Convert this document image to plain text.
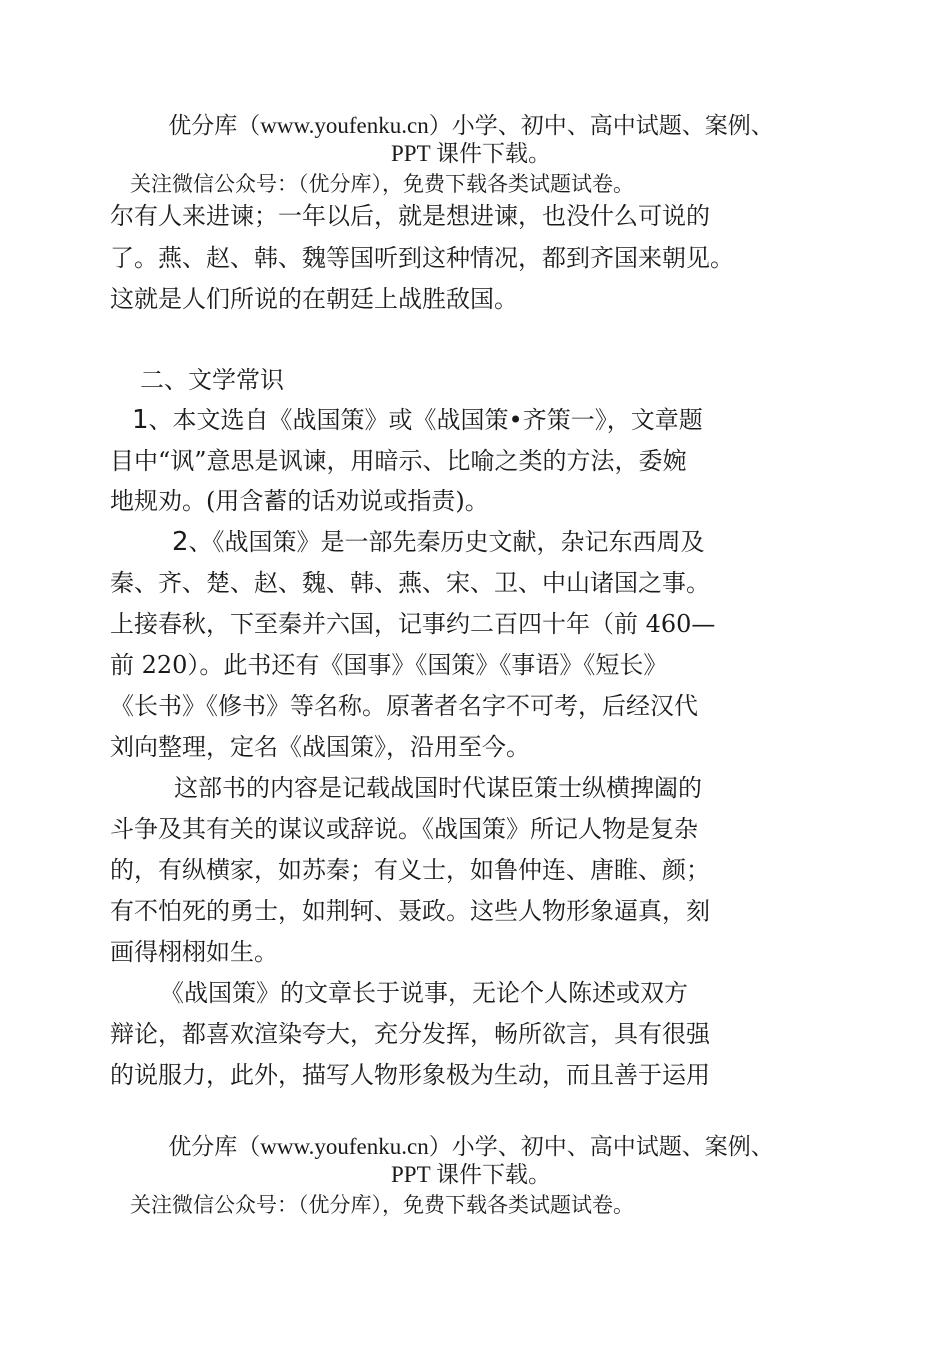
优分库（www.youfenku.cn）小学、初中、高中试题、案例、
PPT 课件下载。
关注微信公众号：（优分库），免费下载各类试题试卷。
尔有人来进谏；一年以后，就是想进谏，也没什么可说的
了。燕、赵、韩、魏等国听到这种情况，都到齐国来朝见。
这就是人们所说的在朝廷上战胜敌国。
二、文学常识
1、本文选自《战国策》或《战国策•齐策一》，文章题
目中“讽”意思是讽谏，用暗示、比喻之类的方法，委婉
地规劝。(用含蓄的话劝说或指责)。
2、《战国策》是一部先秦历史文献，杂记东西周及
秦、齐、楚、赵、魏、韩、燕、宋、卫、中山诸国之事。
上接春秋，下至秦并六国，记事约二百四十年（前 460—
前 220）。此书还有《国事》《国策》《事语》《短长》
《长书》《修书》等名称。原著者名字不可考，后经汉代
刘向整理，定名《战国策》，沿用至今。
这部书的内容是记载战国时代谋臣策士纵横捭阖的
斗争及其有关的谋议或辞说。《战国策》所记人物是复杂
的，有纵横家，如苏秦；有义士，如鲁仲连、唐睢、颜；
有不怕死的勇士，如荆轲、聂政。这些人物形象逼真，刻
画得栩栩如生。
《战国策》的文章长于说事，无论个人陈述或双方
辩论，都喜欢渲染夸大，充分发挥，畅所欲言，具有很强
的说服力，此外，描写人物形象极为生动，而且善于运用
优分库（www.youfenku.cn）小学、初中、高中试题、案例、
PPT 课件下载。
关注微信公众号：（优分库），免费下载各类试题试卷。
